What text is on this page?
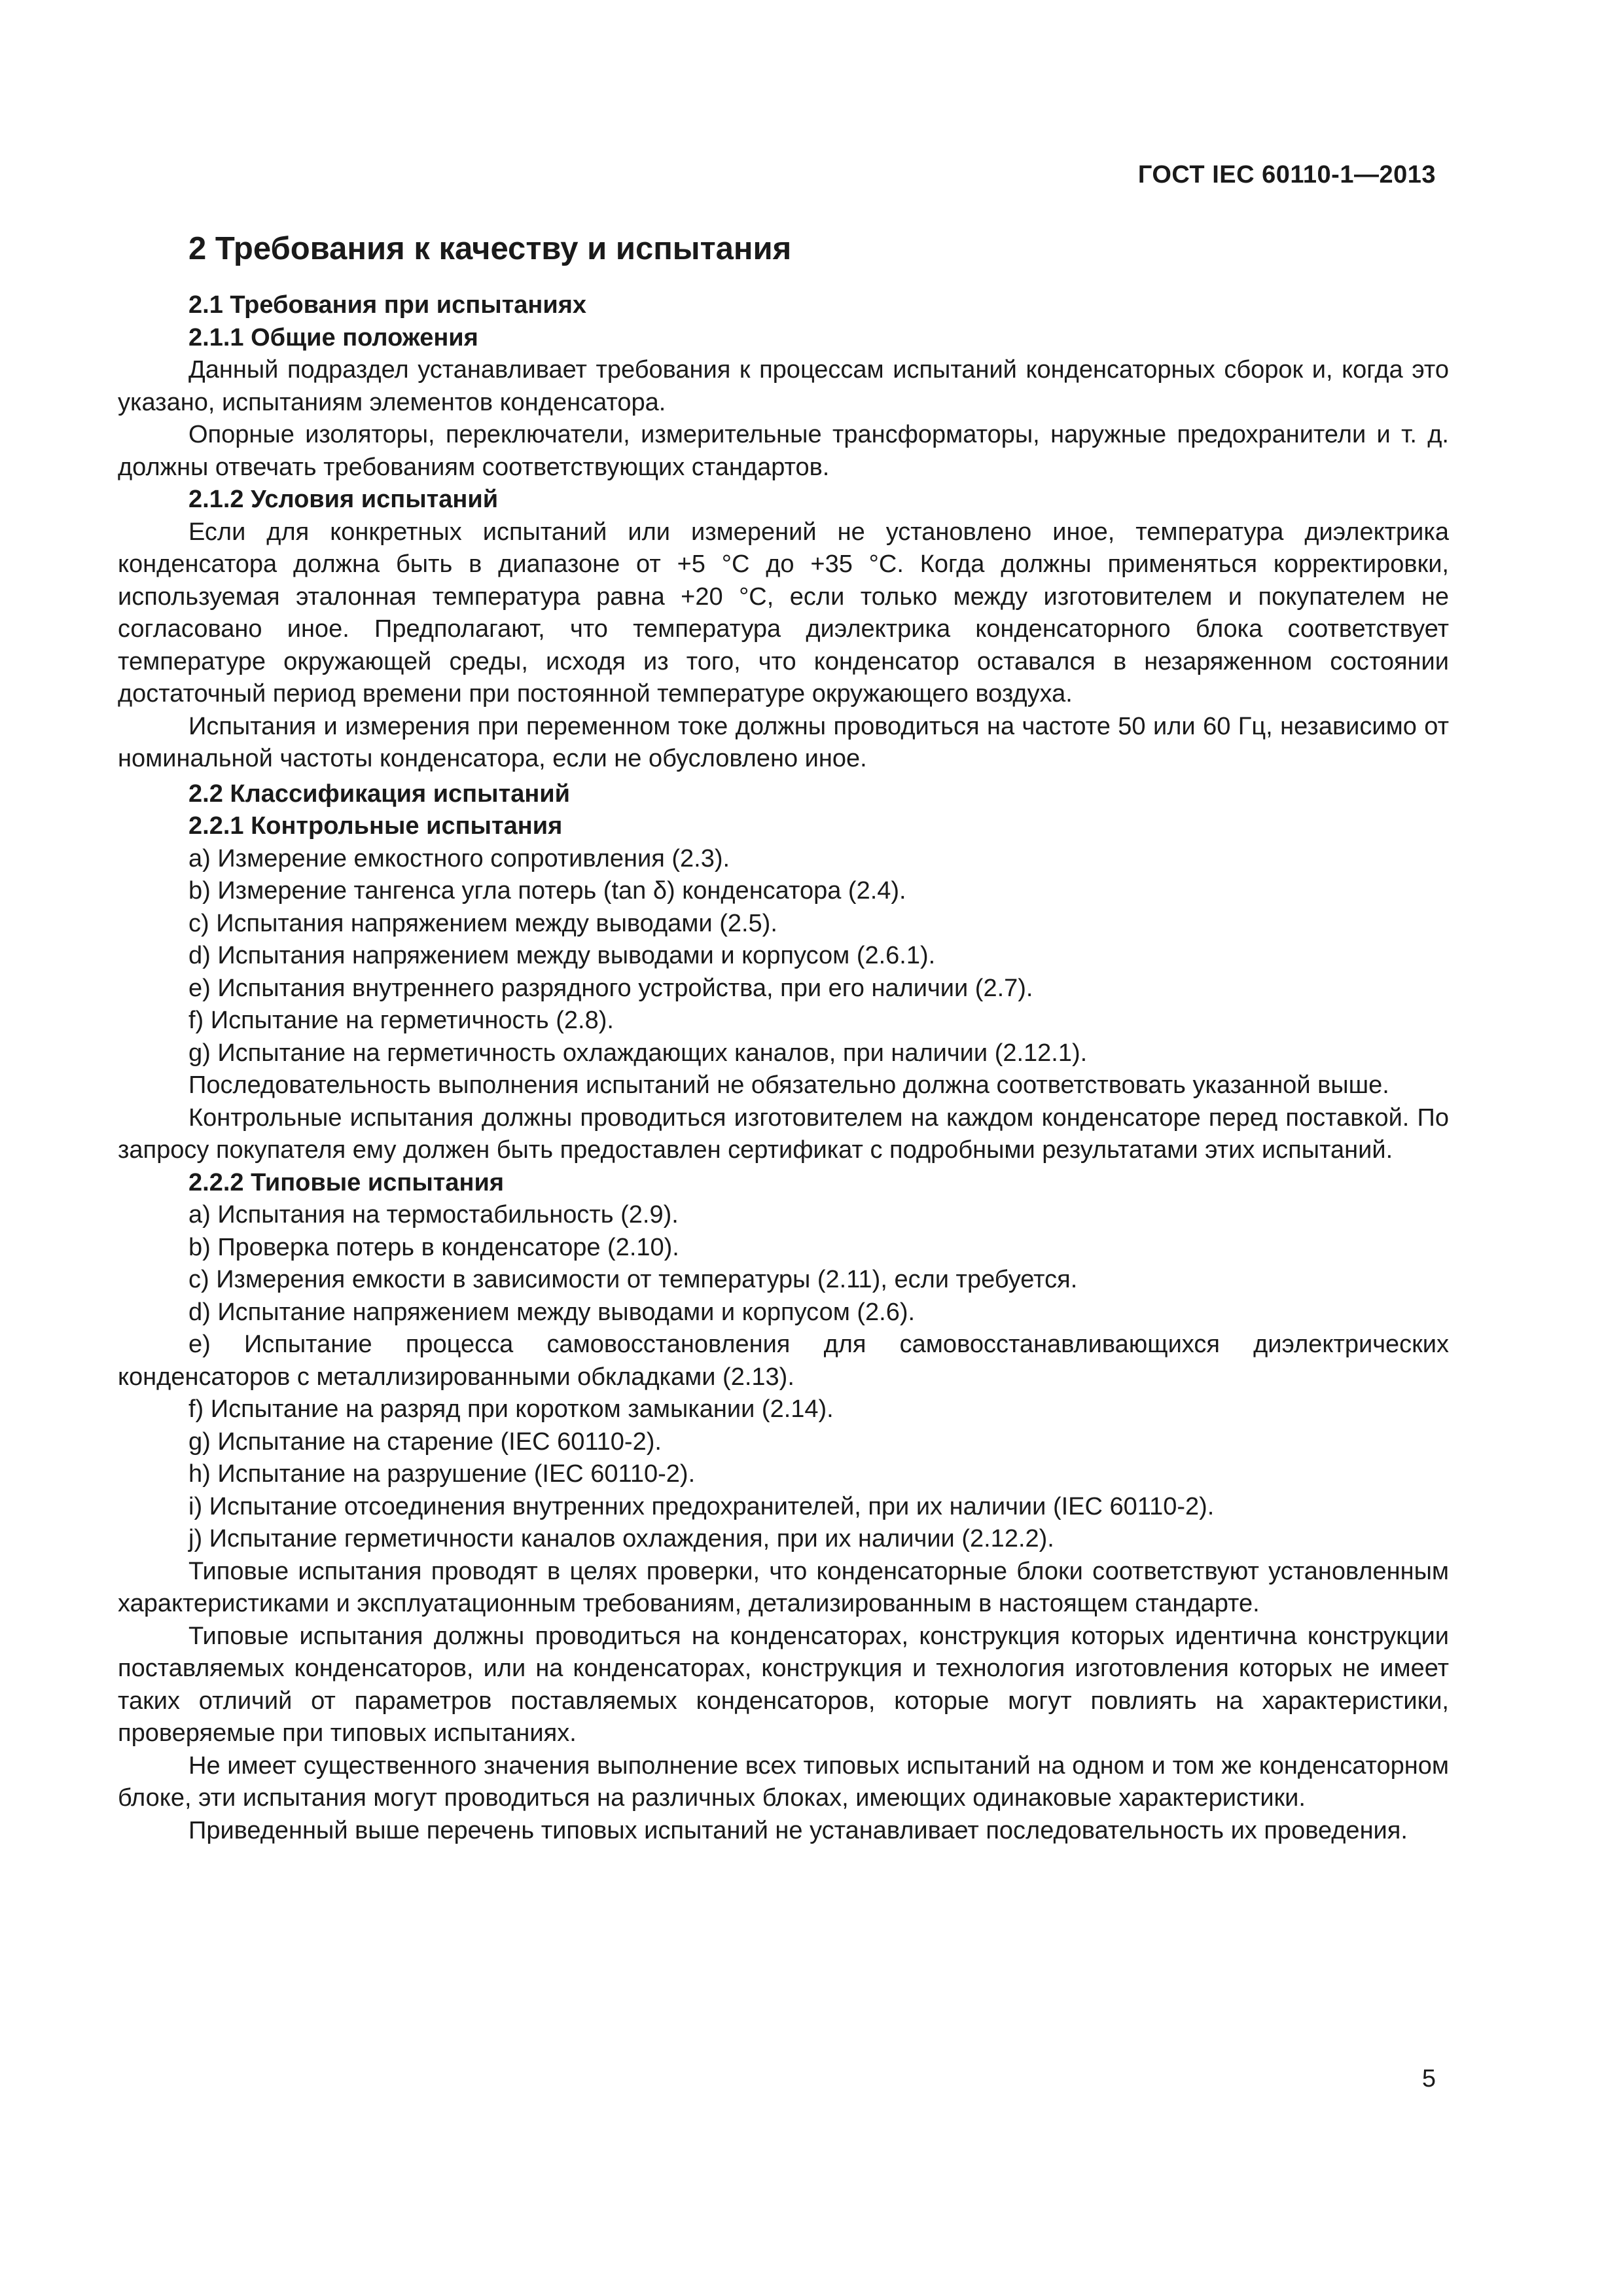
ГОСТ IEC 60110-1—2013
2 Требования к качеству и испытания
2.1 Требования при испытаниях
2.1.1 Общие положения
Данный подраздел устанавливает требования к процессам испытаний конденсаторных сборок и, когда это указано, испытаниям элементов конденсатора.
Опорные изоляторы, переключатели, измерительные трансформаторы, наружные предохранители и т. д. должны отвечать требованиям соответствующих стандартов.
2.1.2 Условия испытаний
Если для конкретных испытаний или измерений не установлено иное, температура диэлектрика конденсатора должна быть в диапазоне от +5 °С до +35 °С. Когда должны применяться корректировки, используемая эталонная температура равна +20 °С, если только между изготовителем и покупателем не согласовано иное. Предполагают, что температура диэлектрика конденсаторного блока соответствует температуре окружающей среды, исходя из того, что конденсатор оставался в незаряженном состоянии достаточный период времени при постоянной температуре окружающего воздуха.
Испытания и измерения при переменном токе должны проводиться на частоте 50 или 60 Гц, независимо от номинальной частоты конденсатора, если не обусловлено иное.
2.2 Классификация испытаний
2.2.1 Контрольные испытания
a) Измерение емкостного сопротивления (2.3).
b) Измерение тангенса угла потерь (tan δ) конденсатора (2.4).
c) Испытания напряжением между выводами (2.5).
d) Испытания напряжением между выводами и корпусом (2.6.1).
e) Испытания внутреннего разрядного устройства, при его наличии (2.7).
f) Испытание на герметичность (2.8).
g) Испытание на герметичность охлаждающих каналов, при наличии (2.12.1).
Последовательность выполнения испытаний не обязательно должна соответствовать указанной выше.
Контрольные испытания должны проводиться изготовителем на каждом конденсаторе перед поставкой. По запросу покупателя ему должен быть предоставлен сертификат с подробными результатами этих испытаний.
2.2.2 Типовые испытания
a) Испытания на термостабильность (2.9).
b) Проверка потерь в конденсаторе (2.10).
c) Измерения емкости в зависимости от температуры (2.11), если требуется.
d) Испытание напряжением между выводами и корпусом (2.6).
e) Испытание процесса самовосстановления для самовосстанавливающихся диэлектрических конденсаторов с металлизированными обкладками (2.13).
f) Испытание на разряд при коротком замыкании (2.14).
g) Испытание на старение (IEC 60110-2).
h) Испытание на разрушение (IEC 60110-2).
i) Испытание отсоединения внутренних предохранителей, при их наличии (IEC 60110-2).
j) Испытание герметичности каналов охлаждения, при их наличии (2.12.2).
Типовые испытания проводят в целях проверки, что конденсаторные блоки соответствуют установленным характеристиками и эксплуатационным требованиям, детализированным в настоящем стандарте.
Типовые испытания должны проводиться на конденсаторах, конструкция которых идентична конструкции поставляемых конденсаторов, или на конденсаторах, конструкция и технология изготовления которых не имеет таких отличий от параметров поставляемых конденсаторов, которые могут повлиять на характеристики, проверяемые при типовых испытаниях.
Не имеет существенного значения выполнение всех типовых испытаний на одном и том же конденсаторном блоке, эти испытания могут проводиться на различных блоках, имеющих одинаковые характеристики.
Приведенный выше перечень типовых испытаний не устанавливает последовательность их проведения.
5
